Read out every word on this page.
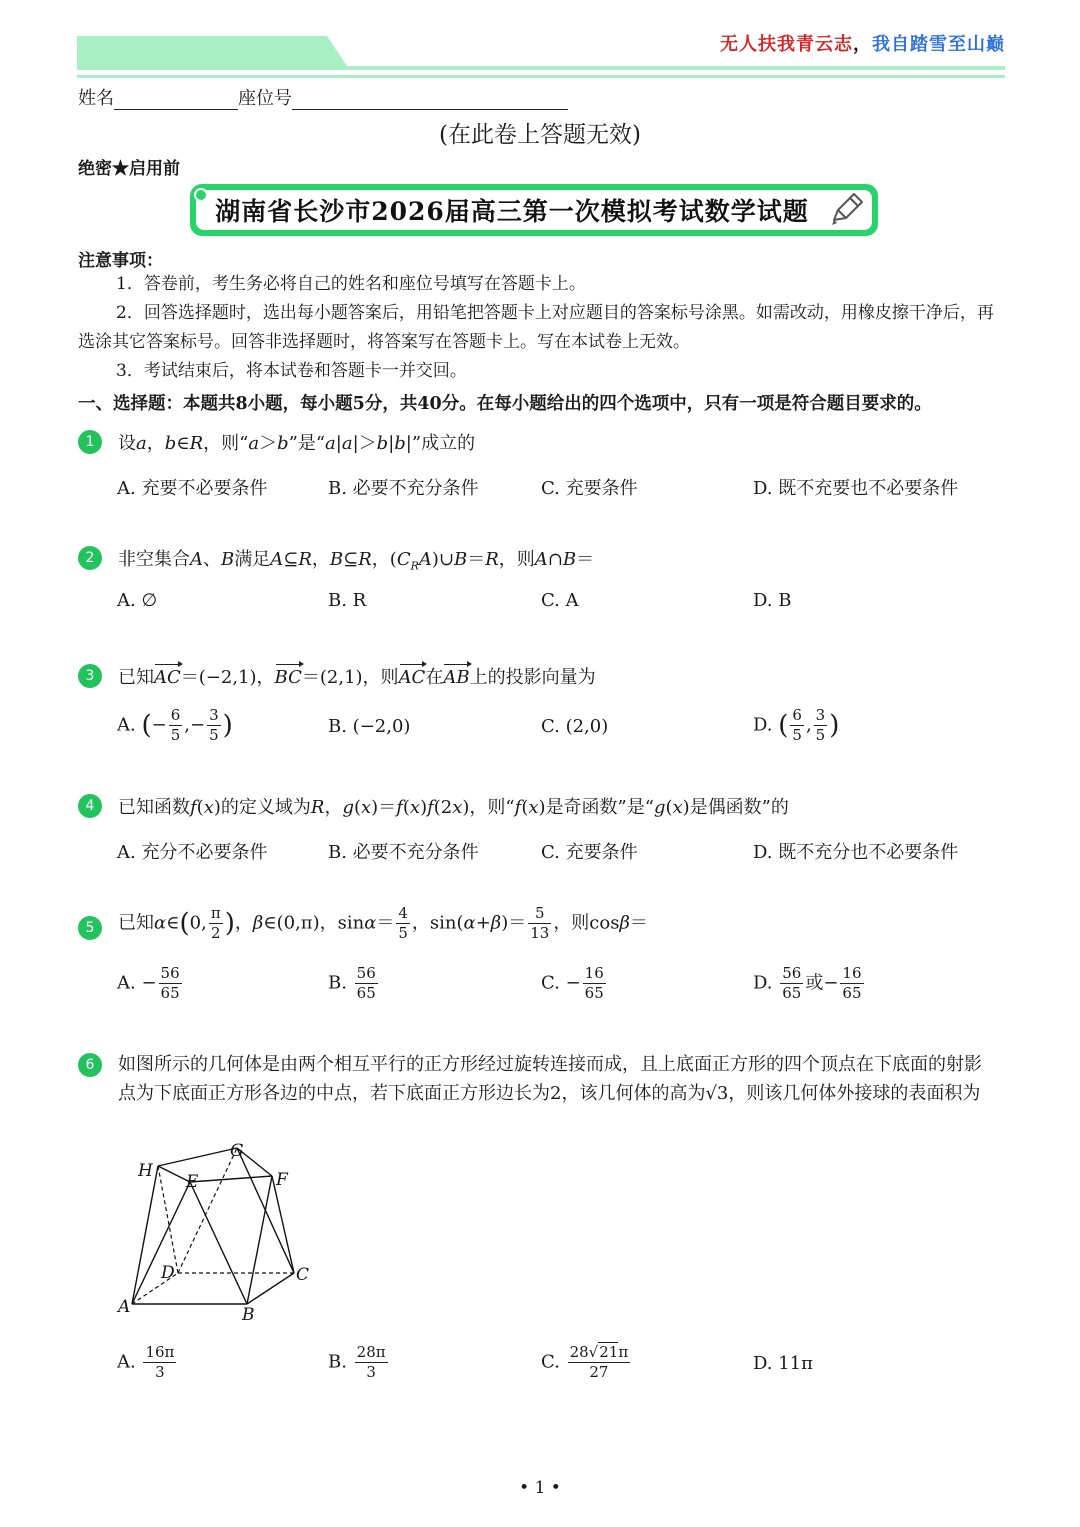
无人扶我青云志，我自踏雪至山巅
姓名	座位号
(在此卷上答题无效)
绝密★启用前
湖南省长沙市2026届高三第一次模拟考试数学试题
注意事项：

1．答卷前，考生务必将自己的姓名和座位号填写在答题卡上。

2．回答选择题时，选出每小题答案后，用铅笔把答题卡上对应题目的答案标号涂黑。如需改动，用橡皮擦干净后，再选涂其它答案标号。回答非选择题时，将答案写在答题卡上。写在本试卷上无效。

3．考试结束后，将本试卷和答题卡一并交回。

一、选择题：本题共8小题，每小题5分，共40分。在每小题给出的四个选项中，只有一项是符合题目要求的。
1	设a，b∈R，则“a＞b”是“a|a|＞b|b|”成立的
A. 充要不必要条件	B. 必要不充分条件	C. 充要条件	D. 既不充要也不必要条件
2	非空集合A、B满足A⊆R，B⊆R，$(C_RA)\cup B=R$，则A∩B＝
A. ∅	B. R	C. A	D. B
3	已知AC＝(−2,1)，BC＝(2,1)，则AC在AB上的投影向量为
A. (− $\frac{6}{5}$ ,− $\frac{3}{5}$ )	B. (−2,0)	C. (2,0)	D. ( $\frac{6}{5}$ , $\frac{3}{5}$ )
4	已知函数f(x)的定义域为R，g(x)＝f(x)f(2x)，则“f(x)是奇函数”是“g(x)是偶函数”的
A. 充分不必要条件	B. 必要不充分条件	C. 充要条件	D. 既不充分也不必要条件
5	已知α∈(0, $\frac{\pi}{2}$ )，β∈(0,π)，$\sin\alpha= \frac{4}{5}$ ，$\sin(\alpha+\beta)= \frac{5}{13}$ ，则cosβ＝
A. − $\frac{56}{65}$	B. $\frac{56}{65}$	C. − $\frac{16}{65}$	D. $\frac{56}{65}$ 或− $\frac{16}{65}$
6	如图所示的几何体是由两个相互平行的正方形经过旋转连接而成，且上底面正方形的四个顶点在下底面的射影点为下底面正方形各边的中点，若下底面正方形边长为2，该几何体的高为√3，则该几何体外接球的表面积为
H
G
E	F
D	C
A	B
A. $\frac{16\pi}{3}$	B. $\frac{28\pi}{3}$	C. $\frac{28√21\pi}{27}$	D. 11π
• 1 •
